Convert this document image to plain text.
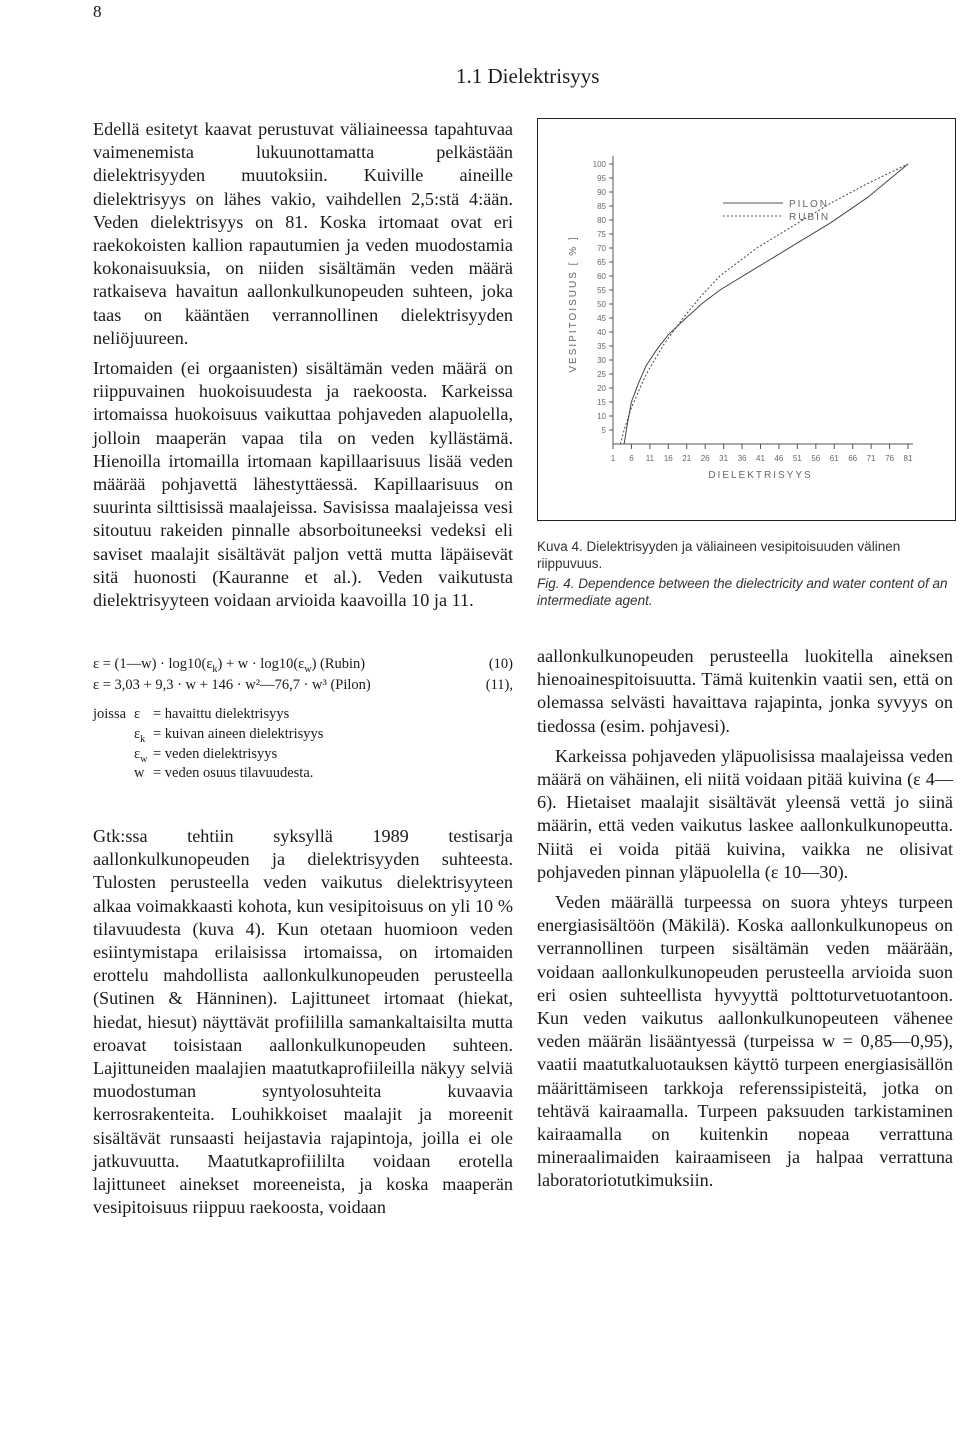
8
1.1 Dielektrisyys

Edellä esitetyt kaavat perustuvat väliaineessa tapahtuvaa vaimenemista lukuunottamatta pelkästään dielektrisyyden muutoksiin. Kuiville aineille dielektrisyys on lähes vakio, vaihdellen 2,5:stä 4:ään. Veden dielektrisyys on 81. Koska irtomaat ovat eri raekokoisten kallion rapautumien ja veden muodostamia kokonaisuuksia, on niiden sisältämän veden määrä ratkaiseva havaitun aallonkulkunopeuden suhteen, joka taas on kääntäen verrannollinen dielektrisyyden neliöjuureen.

Irtomaiden (ei orgaanisten) sisältämän veden määrä on riippuvainen huokoisuudesta ja raekoosta. Karkeissa irtomaissa huokoisuus vaikuttaa pohjaveden alapuolella, jolloin maaperän vapaa tila on veden kyllästämä. Hienoilla irtomailla irtomaan kapillaarisuus lisää veden määrää pohjavettä lähestyttäessä. Kapillaarisuus on suurinta silttisissä maalajeissa. Savisissa maalajeissa vesi sitoutuu rakeiden pinnalle absorboituneeksi vedeksi eli saviset maalajit sisältävät paljon vettä mutta läpäisevät sitä huonosti (Kauranne et al.). Veden vaikutusta dielektrisyyteen voidaan arvioida kaavoilla 10 ja 11.

ε = (1—w) · $\log 10(\varepsilon_k) + w \cdot \log 10(\varepsilon_w)$ (Rubin)	(10)
ε = 3,03 + 9,3 · w + 146 · w²—76,7 · w³ (Pilon)	(11),
joissa ε = havaittu dielektrisyys
$\varepsilon_k$ = kuivan aineen dielektrisyys
$\varepsilon_w$ = veden dielektrisyys
w = veden osuus tilavuudesta.

Gtk:ssa tehtiin syksyllä 1989 testisarja aallonkulkunopeuden ja dielektrisyyden suhteesta. Tulosten perusteella veden vaikutus dielektrisyyteen alkaa voimakkaasti kohota, kun vesipitoisuus on yli 10 % tilavuudesta (kuva 4). Kun otetaan huomioon veden esiintymistapa erilaisissa irtomaissa, on irtomaiden erottelu mahdollista aallonkulkunopeuden perusteella (Sutinen & Hänninen). Lajittuneet irtomaat (hiekat, hiedat, hiesut) näyttävät profiililla samankaltaisilta mutta eroavat toisistaan aallonkulkunopeuden suhteen. Lajittuneiden maalajien maatutkaprofiileilla näkyy selviä muodostuman syntyolosuhteita kuvaavia kerrosrakenteita. Louhikkoiset maalajit ja moreenit sisältävät runsaasti heijastavia rajapintoja, joilla ei ole jatkuvuutta. Maatutkaprofiililta voidaan erotella lajittuneet ainekset moreeneista, ja koska maaperän vesipitoisuus riippuu raekoosta, voidaan

5
10
15
20
25
30
35
40
45
50
55
60
65
70
75
80
85
90
95
100
1 6 11 16 21 26 31 36 41 46 51 56 61 66 71 76 81
DIELEKTRISYYS
VESIPITOISUUS [ % ]
PILON
RUBIN
Kuva 4. Dielektrisyyden ja väliaineen vesipitoisuuden välinen riippuvuus.
Fig. 4. Dependence between the dielectricity and water content of an intermediate agent.

aallonkulkunopeuden perusteella luokitella aineksen hienoainespitoisuutta. Tämä kuitenkin vaatii sen, että on olemassa selvästi havaittava rajapinta, jonka syvyys on tiedossa (esim. pohjavesi).

Karkeissa pohjaveden yläpuolisissa maalajeissa veden määrä on vähäinen, eli niitä voidaan pitää kuivina (ε 4—6). Hietaiset maalajit sisältävät yleensä vettä jo siinä määrin, että veden vaikutus laskee aallonkulkunopeutta. Niitä ei voida pitää kuivina, vaikka ne olisivat pohjaveden pinnan yläpuolella (ε 10—30).

Veden määrällä turpeessa on suora yhteys turpeen energiasisältöön (Mäkilä). Koska aallonkulkunopeus on verrannollinen turpeen sisältämän veden määrään, voidaan aallonkulkunopeuden perusteella arvioida suon eri osien suhteellista hyvyyttä polttoturvetuotantoon. Kun veden vaikutus aallonkulkunopeuteen vähenee veden määrän lisääntyessä (turpeissa w = 0,85—0,95), vaatii maatutkaluotauksen käyttö turpeen energiasisällön määrittämiseen tarkkoja referenssipisteitä, jotka on tehtävä kairaamalla. Turpeen paksuuden tarkistaminen kairaamalla on kuitenkin nopeaa verrattuna mineraalimaiden kairaamiseen ja halpaa verrattuna laboratoriotutkimuksiin.
